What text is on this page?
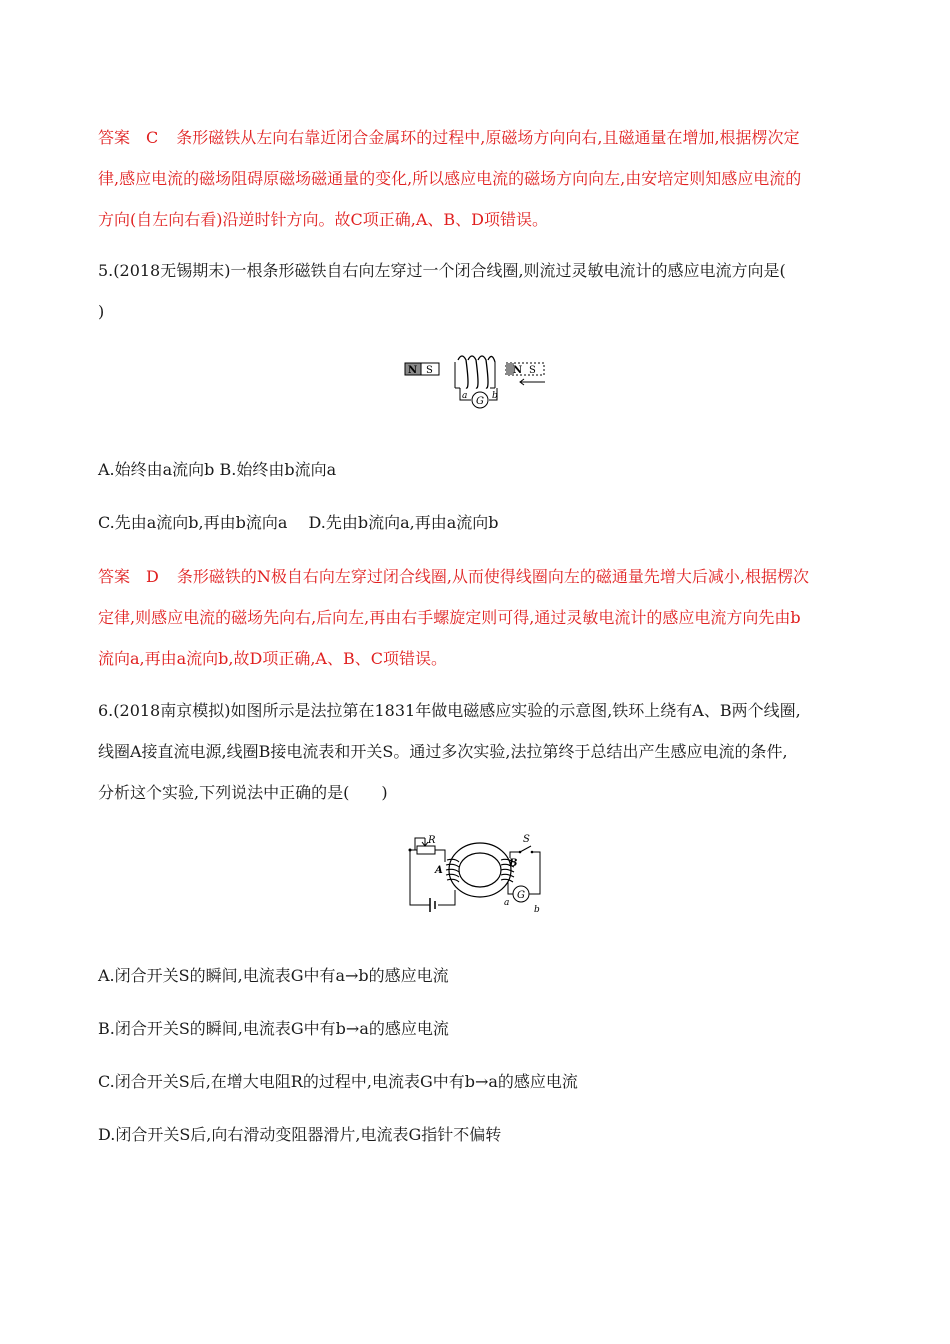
答案 C 条形磁铁从左向右靠近闭合金属环的过程中,原磁场方向向右,且磁通量在增加,根据楞次定
律,感应电流的磁场阻碍原磁场磁通量的变化,所以感应电流的磁场方向向左,由安培定则知感应电流的
方向(自左向右看)沿逆时针方向。故C项正确,A、B、D项错误。
5.(2018无锡期末)一根条形磁铁自右向左穿过一个闭合线圈,则流过灵敏电流计的感应电流方向是(
)
N S
G
a	b
N S
A.始终由a流向b B.始终由b流向a
C.先由a流向b,再由b流向a　 D.先由b流向a,再由a流向b
答案 D 条形磁铁的N极自右向左穿过闭合线圈,从而使得线圈向左的磁通量先增大后减小,根据楞次
定律,则感应电流的磁场先向右,后向左,再由右手螺旋定则可得,通过灵敏电流计的感应电流方向先由b
流向a,再由a流向b,故D项正确,A、B、C项错误。
6.(2018南京模拟)如图所示是法拉第在1831年做电磁感应实验的示意图,铁环上绕有A、B两个线圈,
线圈A接直流电源,线圈B接电流表和开关S。通过多次实验,法拉第终于总结出产生感应电流的条件,
分析这个实验,下列说法中正确的是(　　)
R
A
B
S
G
a
b
A.闭合开关S的瞬间,电流表G中有a→b的感应电流
B.闭合开关S的瞬间,电流表G中有b→a的感应电流
C.闭合开关S后,在增大电阻R的过程中,电流表G中有b→a的感应电流
D.闭合开关S后,向右滑动变阻器滑片,电流表G指针不偏转
